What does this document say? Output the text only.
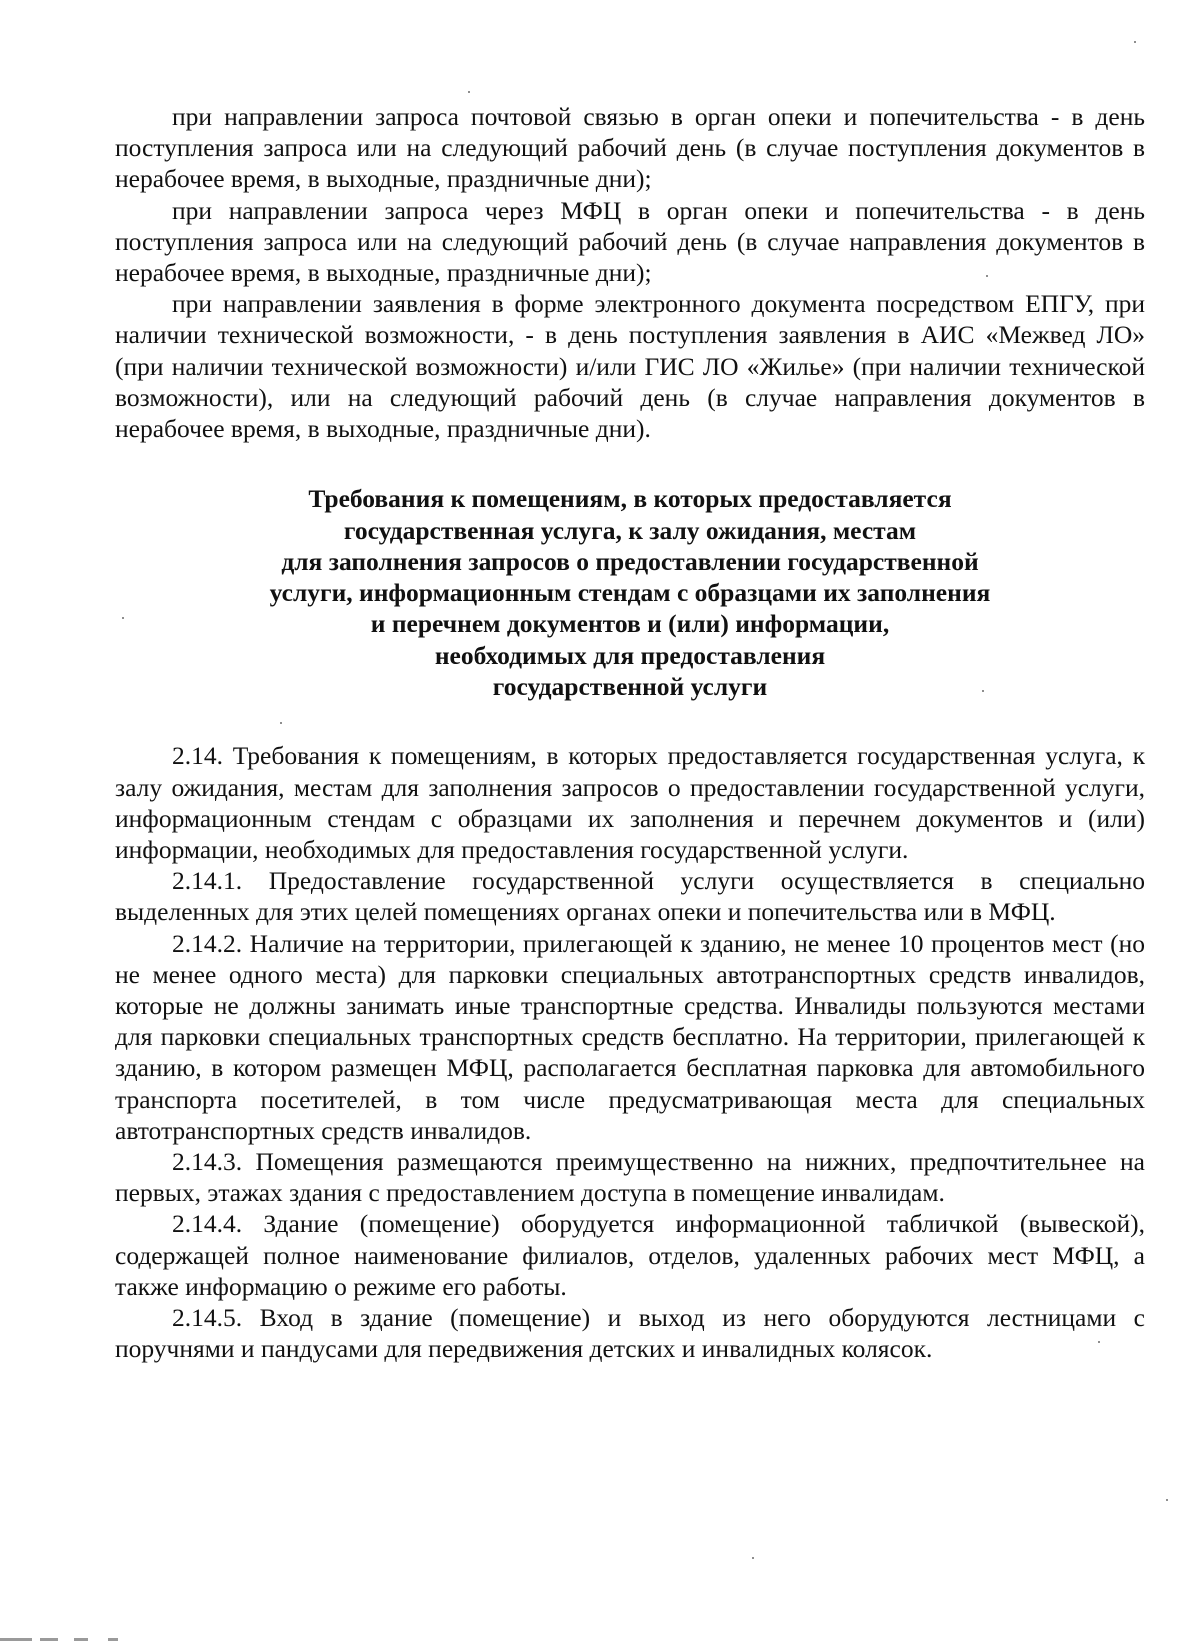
при направлении запроса почтовой связью в орган опеки и попечительства - в день поступления запроса или на следующий рабочий день (в случае поступления документов в нерабочее время, в выходные, праздничные дни);

при направлении запроса через МФЦ в орган опеки и попечительства - в день поступления запроса или на следующий рабочий день (в случае направления документов в нерабочее время, в выходные, праздничные дни);

при направлении заявления в форме электронного документа посредством ЕПГУ, при наличии технической возможности, - в день поступления заявления в АИС «Межвед ЛО» (при наличии технической возможности) и/или ГИС ЛО «Жилье» (при наличии технической возможности), или на следующий рабочий день (в случае направления документов в нерабочее время, в выходные, праздничные дни).

Требования к помещениям, в которых предоставляется
государственная услуга, к залу ожидания, местам
для заполнения запросов о предоставлении государственной
услуги, информационным стендам с образцами их заполнения
и перечнем документов и (или) информации,
необходимых для предоставления
государственной услуги

2.14. Требования к помещениям, в которых предоставляется государственная услуга, к залу ожидания, местам для заполнения запросов о предоставлении государственной услуги, информационным стендам с образцами их заполнения и перечнем документов и (или) информации, необходимых для предоставления государственной услуги.

2.14.1. Предоставление государственной услуги осуществляется в специально выделенных для этих целей помещениях органах опеки и попечительства или в МФЦ.

2.14.2. Наличие на территории, прилегающей к зданию, не менее 10 процентов мест (но не менее одного места) для парковки специальных автотранспортных средств инвалидов, которые не должны занимать иные транспортные средства. Инвалиды пользуются местами для парковки специальных транспортных средств бесплатно. На территории, прилегающей к зданию, в котором размещен МФЦ, располагается бесплатная парковка для автомобильного транспорта посетителей, в том числе предусматривающая места для специальных автотранспортных средств инвалидов.

2.14.3. Помещения размещаются преимущественно на нижних, предпочтительнее на первых, этажах здания с предоставлением доступа в помещение инвалидам.

2.14.4. Здание (помещение) оборудуется информационной табличкой (вывеской), содержащей полное наименование филиалов, отделов, удаленных рабочих мест МФЦ, а также информацию о режиме его работы.

2.14.5. Вход в здание (помещение) и выход из него оборудуются лестницами с поручнями и пандусами для передвижения детских и инвалидных колясок.
